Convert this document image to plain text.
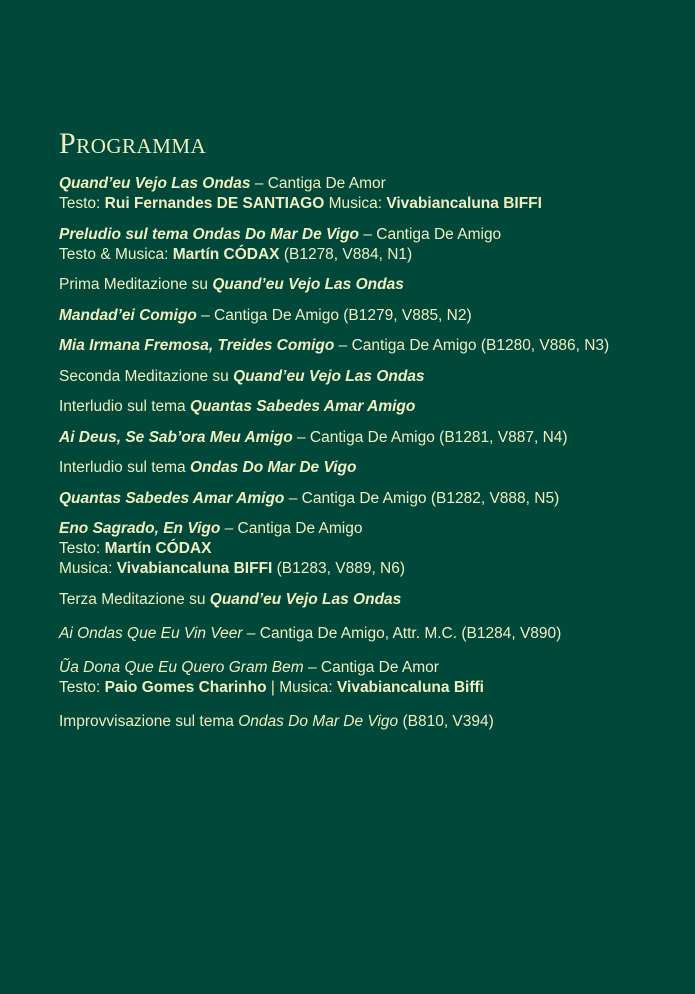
Programma
Quand’eu Vejo Las Ondas – Cantiga De Amor
Testo: Rui Fernandes DE SANTIAGO Musica: Vivabiancaluna BIFFI
Preludio sul tema Ondas Do Mar De Vigo – Cantiga De Amigo
Testo & Musica: Martín CÓDAX (B1278, V884, N1)
Prima Meditazione su Quand’eu Vejo Las Ondas
Mandad’ei Comigo – Cantiga De Amigo (B1279, V885, N2)
Mia Irmana Fremosa, Treides Comigo – Cantiga De Amigo (B1280, V886, N3)
Seconda Meditazione su Quand’eu Vejo Las Ondas
Interludio sul tema Quantas Sabedes Amar Amigo
Ai Deus, Se Sab’ora Meu Amigo – Cantiga De Amigo (B1281, V887, N4)
Interludio sul tema Ondas Do Mar De Vigo
Quantas Sabedes Amar Amigo – Cantiga De Amigo (B1282, V888, N5)
Eno Sagrado, En Vigo – Cantiga De Amigo
Testo: Martín CÓDAX
Musica: Vivabiancaluna BIFFI (B1283, V889, N6)
Terza Meditazione su Quand’eu Vejo Las Ondas
Ai Ondas Que Eu Vin Veer – Cantiga De Amigo, Attr. M.C. (B1284, V890)
Ũa Dona Que Eu Quero Gram Bem – Cantiga De Amor
Testo: Paio Gomes Charinho | Musica: Vivabiancaluna Biffi
Improvvisazione sul tema Ondas Do Mar De Vigo (B810, V394)
